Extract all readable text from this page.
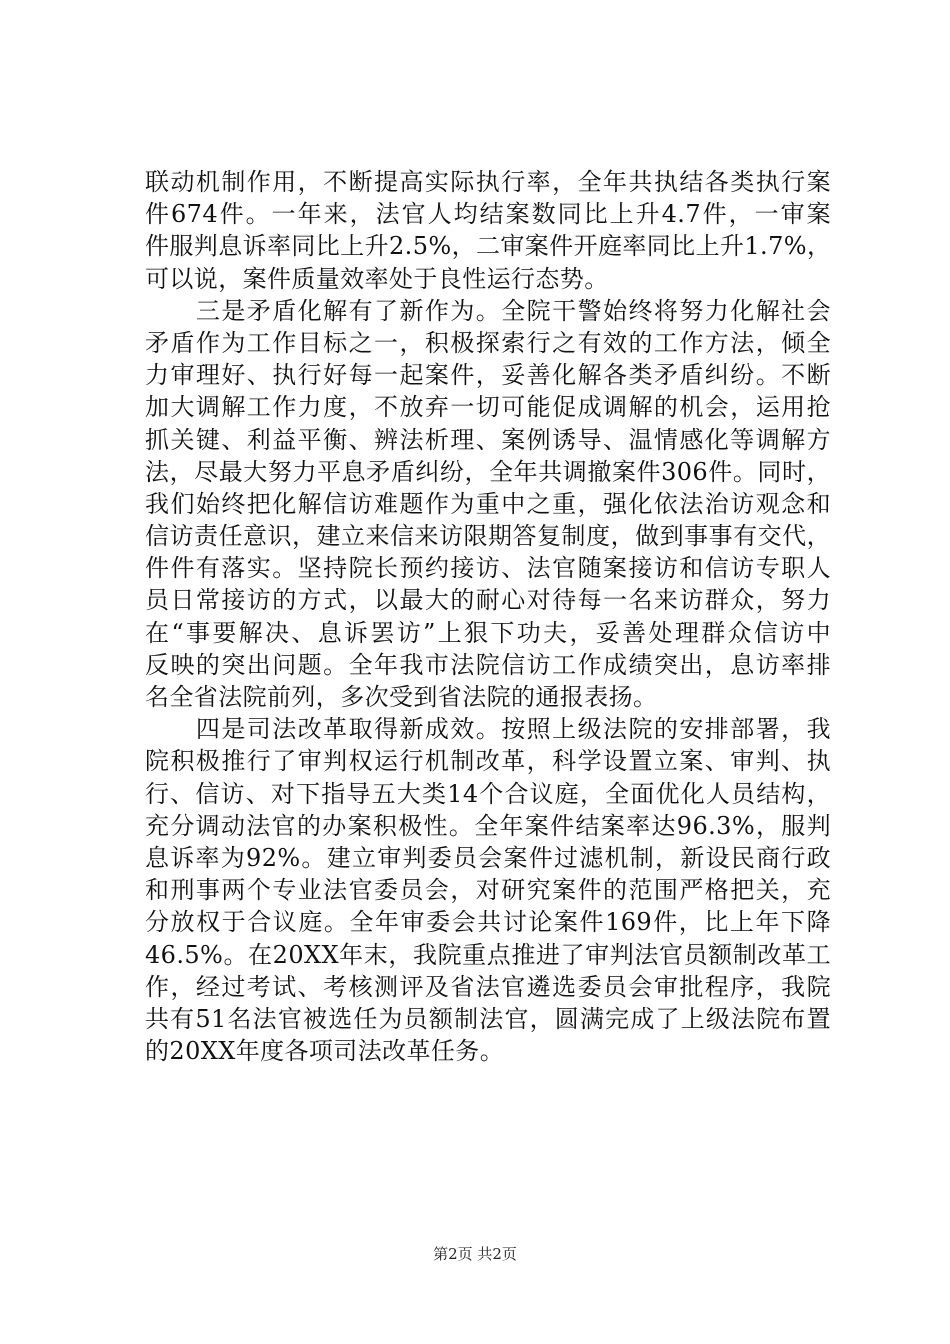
联动机制作用，不断提高实际执行率，全年共执结各类执行案
件674件。一年来，法官人均结案数同比上升4.7件，一审案
件服判息诉率同比上升2.5%，二审案件开庭率同比上升1.7%，
可以说，案件质量效率处于良性运行态势。
　　三是矛盾化解有了新作为。全院干警始终将努力化解社会
矛盾作为工作目标之一，积极探索行之有效的工作方法，倾全
力审理好、执行好每一起案件，妥善化解各类矛盾纠纷。不断
加大调解工作力度，不放弃一切可能促成调解的机会，运用抢
抓关键、利益平衡、辨法析理、案例诱导、温情感化等调解方
法，尽最大努力平息矛盾纠纷，全年共调撤案件306件。同时，
我们始终把化解信访难题作为重中之重，强化依法治访观念和
信访责任意识，建立来信来访限期答复制度，做到事事有交代，
件件有落实。坚持院长预约接访、法官随案接访和信访专职人
员日常接访的方式，以最大的耐心对待每一名来访群众，努力
在“事要解决、息诉罢访”上狠下功夫，妥善处理群众信访中
反映的突出问题。全年我市法院信访工作成绩突出，息访率排
名全省法院前列，多次受到省法院的通报表扬。
　　四是司法改革取得新成效。按照上级法院的安排部署，我
院积极推行了审判权运行机制改革，科学设置立案、审判、执
行、信访、对下指导五大类14个合议庭，全面优化人员结构，
充分调动法官的办案积极性。全年案件结案率达96.3%，服判
息诉率为92%。建立审判委员会案件过滤机制，新设民商行政
和刑事两个专业法官委员会，对研究案件的范围严格把关，充
分放权于合议庭。全年审委会共讨论案件169件，比上年下降
46.5%。在20XX年末，我院重点推进了审判法官员额制改革工
作，经过考试、考核测评及省法官遴选委员会审批程序，我院
共有51名法官被选任为员额制法官，圆满完成了上级法院布置
的20XX年度各项司法改革任务。
第2页 共2页
